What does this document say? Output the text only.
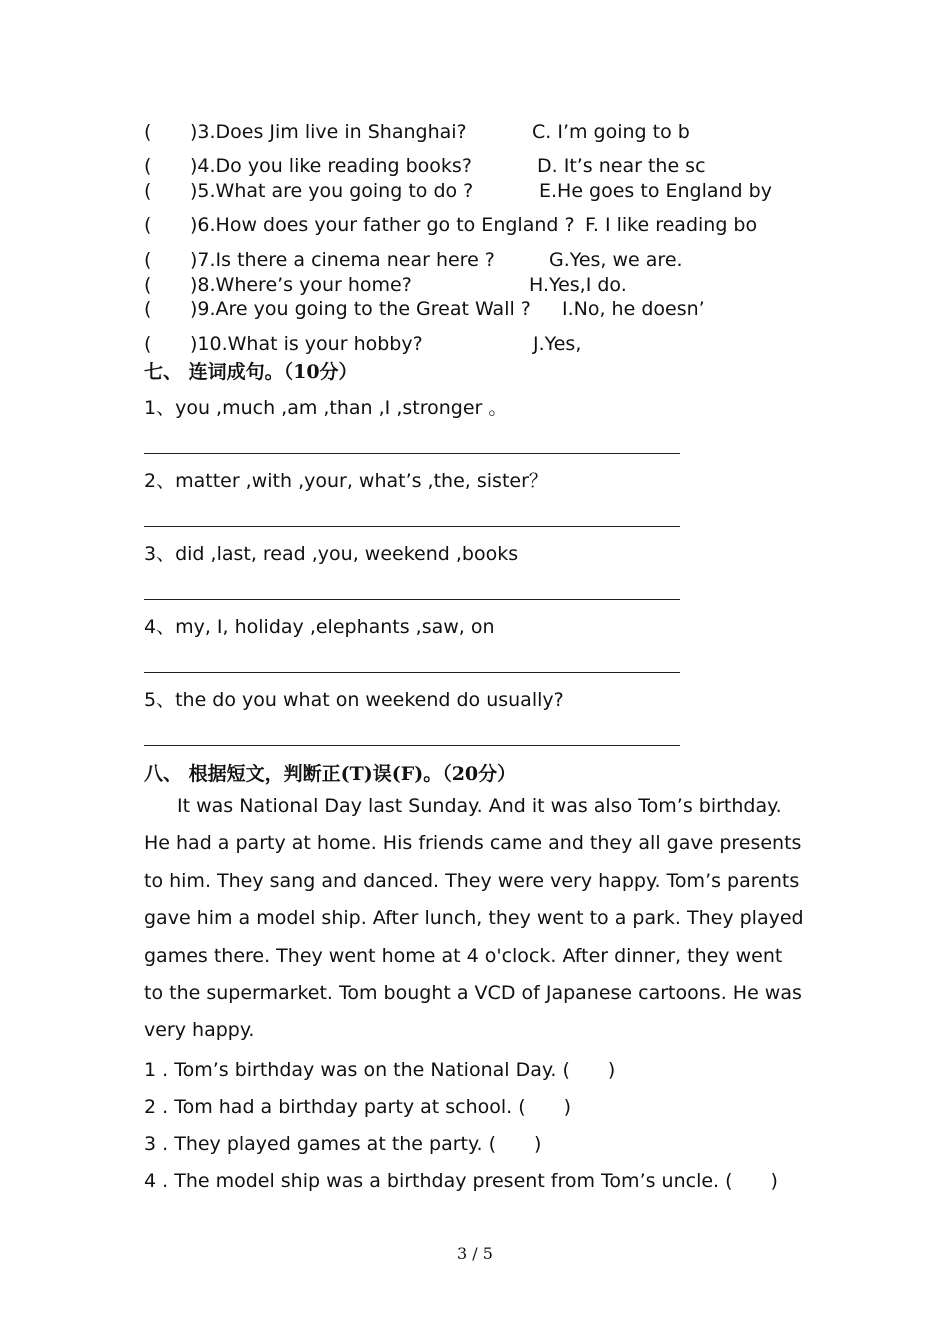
( )3.Does Jim live in Shanghai?	C. I’m going to b
( )4.Do you like reading books?	D. It’s near the sc
( )5.What are you going to do ?	E.He goes to England by
( )6.How does your father go to England ? F. I like reading bo
( )7.Is there a cinema near here ?	G.Yes, we are.
( )8.Where’s your home?	H.Yes,I do.
( )9.Are you going to the Great Wall ? I.No, he doesn’
( )10.What is your hobby?	J.Yes,
七、 连词成句。（10分）
1、you ,much ,am ,than ,I ,stronger 。
2、matter ,with ,your, what’s ,the, sister？
3、did ,last, read ,you, weekend ,books
4、my, I, holiday ,elephants ,saw, on
5、the do you what on weekend do usually?
八、 根据短文，判断正(T)误(F)。（20分）

It was National Day last Sunday. And it was also Tom’s birthday. He had a party at home. His friends came and they all gave presents to him. They sang and danced. They were very happy. Tom’s parents gave him a model ship. After lunch, they went to a park. They played games there. They went home at 4 o'clock. After dinner, they went to the supermarket. Tom bought a VCD of Japanese cartoons. He was very happy.

1 . Tom’s birthday was on the National Day. (　　)
2 . Tom had a birthday party at school. (　　)
3 . They played games at the party. (　　)
4 . The model ship was a birthday present from Tom’s uncle. (　　)
3 / 5
